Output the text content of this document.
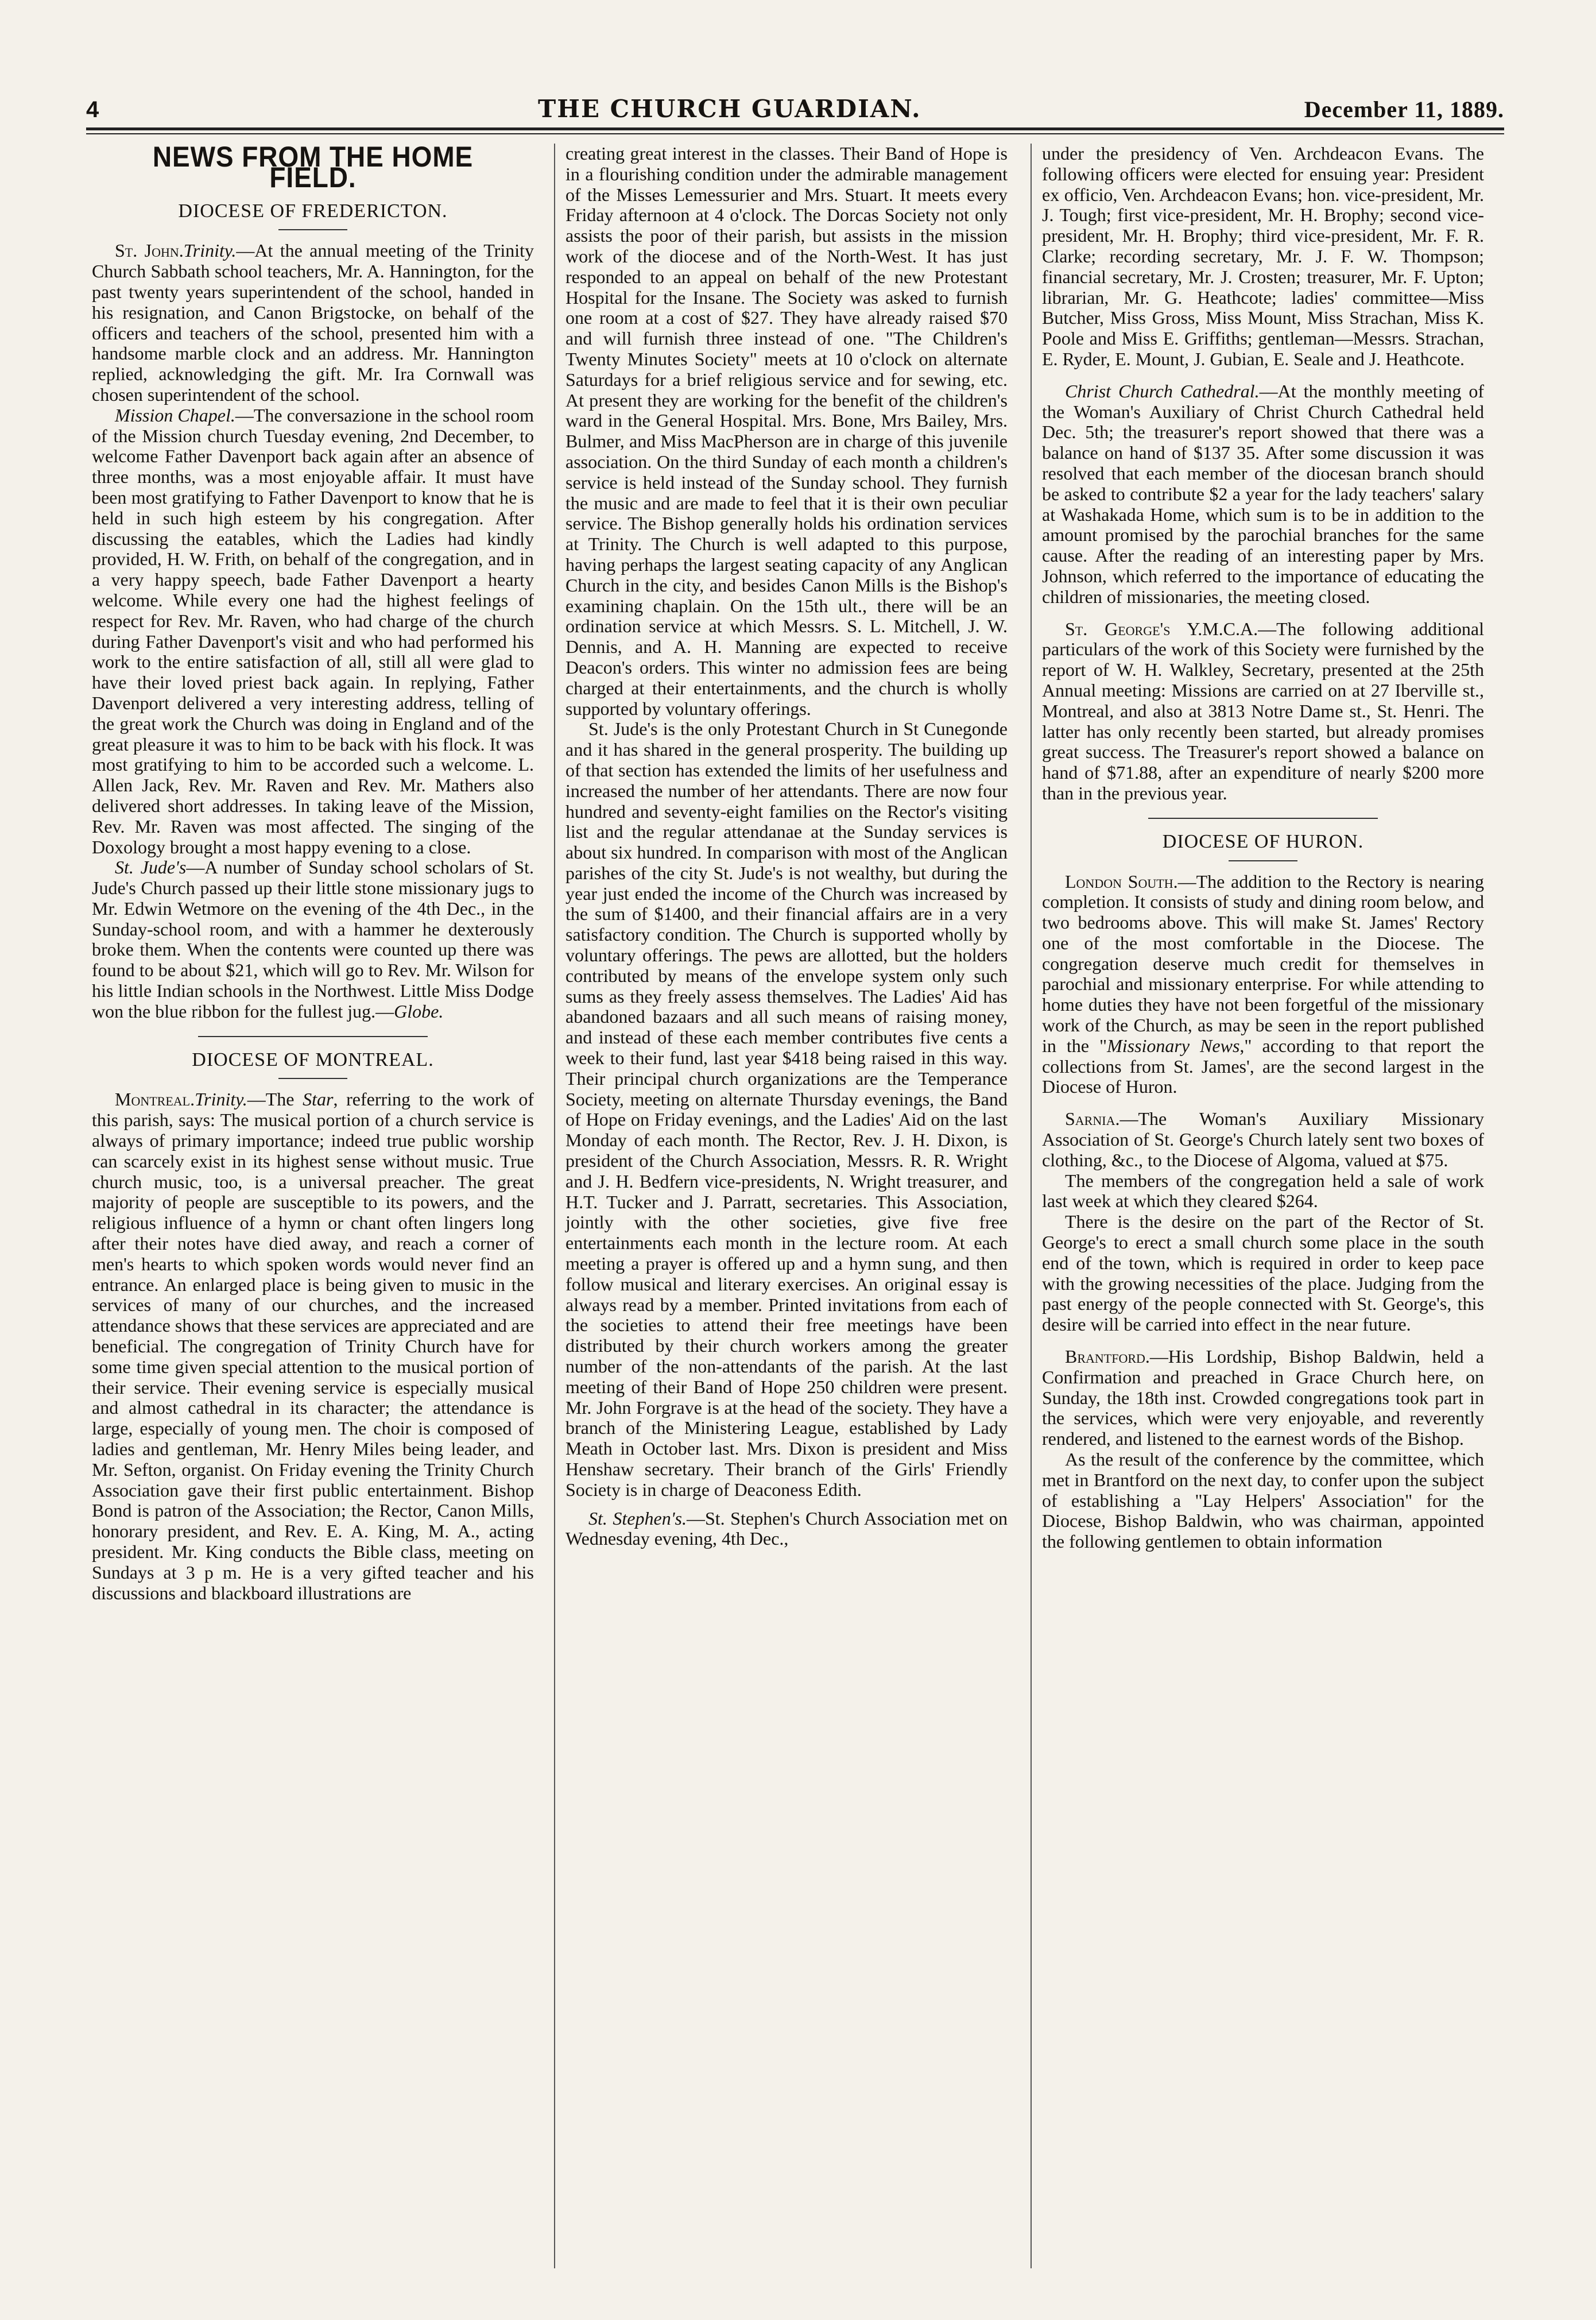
4	THE CHURCH GUARDIAN.	December 11, 1889.
NEWS FROM THE HOME FIELD.
DIOCESE OF FREDERICTON.

St. John.Trinity.—At the annual meeting of the Trinity Church Sabbath school teachers, Mr. A. Hannington, for the past twenty years superintendent of the school, handed in his resignation, and Canon Brigstocke, on behalf of the officers and teachers of the school, presented him with a handsome marble clock and an address. Mr. Hannington replied, acknowledging the gift. Mr. Ira Cornwall was chosen superintendent of the school.

Mission Chapel.—The conversazione in the school room of the Mission church Tuesday evening, 2nd December, to welcome Father Davenport back again after an absence of three months, was a most enjoyable affair. It must have been most gratifying to Father Davenport to know that he is held in such high esteem by his congregation. After discussing the eatables, which the Ladies had kindly provided, H. W. Frith, on behalf of the congregation, and in a very happy speech, bade Father Davenport a hearty welcome. While every one had the highest feelings of respect for Rev. Mr. Raven, who had charge of the church during Father Davenport's visit and who had performed his work to the entire satisfaction of all, still all were glad to have their loved priest back again. In replying, Father Davenport delivered a very interesting address, telling of the great work the Church was doing in England and of the great pleasure it was to him to be back with his flock. It was most gratifying to him to be accorded such a welcome. L. Allen Jack, Rev. Mr. Raven and Rev. Mr. Mathers also delivered short addresses. In taking leave of the Mission, Rev. Mr. Raven was most affected. The singing of the Doxology brought a most happy evening to a close.

St. Jude's—A number of Sunday school scholars of St. Jude's Church passed up their little stone missionary jugs to Mr. Edwin Wetmore on the evening of the 4th Dec., in the Sunday-school room, and with a hammer he dexterously broke them. When the contents were counted up there was found to be about $21, which will go to Rev. Mr. Wilson for his little Indian schools in the Northwest. Little Miss Dodge won the blue ribbon for the fullest jug.—Globe.

DIOCESE OF MONTREAL.

Montreal.Trinity.—The Star, referring to the work of this parish, says: The musical portion of a church service is always of primary importance; indeed true public worship can scarcely exist in its highest sense without music. True church music, too, is a universal preacher. The great majority of people are susceptible to its powers, and the religious influence of a hymn or chant often lingers long after their notes have died away, and reach a corner of men's hearts to which spoken words would never find an entrance. An enlarged place is being given to music in the services of many of our churches, and the increased attendance shows that these services are appreciated and are beneficial. The congregation of Trinity Church have for some time given special attention to the musical portion of their service. Their evening service is especially musical and almost cathedral in its character; the attendance is large, especially of young men. The choir is composed of ladies and gentleman, Mr. Henry Miles being leader, and Mr. Sefton, organist. On Friday evening the Trinity Church Association gave their first public entertainment. Bishop Bond is patron of the Association; the Rector, Canon Mills, honorary president, and Rev. E. A. King, M. A., acting president. Mr. King conducts the Bible class, meeting on Sundays at 3 p m. He is a very gifted teacher and his discussions and blackboard illustrations are

creating great interest in the classes. Their Band of Hope is in a flourishing condition under the admirable management of the Misses Lemessurier and Mrs. Stuart. It meets every Friday afternoon at 4 o'clock. The Dorcas Society not only assists the poor of their parish, but assists in the mission work of the diocese and of the North-West. It has just responded to an appeal on behalf of the new Protestant Hospital for the Insane. The Society was asked to furnish one room at a cost of $27. They have already raised $70 and will furnish three instead of one. "The Children's Twenty Minutes Society" meets at 10 o'clock on alternate Saturdays for a brief religious service and for sewing, etc. At present they are working for the benefit of the children's ward in the General Hospital. Mrs. Bone, Mrs Bailey, Mrs. Bulmer, and Miss MacPherson are in charge of this juvenile association. On the third Sunday of each month a children's service is held instead of the Sunday school. They furnish the music and are made to feel that it is their own peculiar service. The Bishop generally holds his ordination services at Trinity. The Church is well adapted to this purpose, having perhaps the largest seating capacity of any Anglican Church in the city, and besides Canon Mills is the Bishop's examining chaplain. On the 15th ult., there will be an ordination service at which Messrs. S. L. Mitchell, J. W. Dennis, and A. H. Manning are expected to receive Deacon's orders. This winter no admission fees are being charged at their entertainments, and the church is wholly supported by voluntary offerings.

St. Jude's is the only Protestant Church in St Cunegonde and it has shared in the general prosperity. The building up of that section has extended the limits of her usefulness and increased the number of her attendants. There are now four hundred and seventy-eight families on the Rector's visiting list and the regular attendanae at the Sunday services is about six hundred. In comparison with most of the Anglican parishes of the city St. Jude's is not wealthy, but during the year just ended the income of the Church was increased by the sum of $1400, and their financial affairs are in a very satisfactory condition. The Church is supported wholly by voluntary offerings. The pews are allotted, but the holders contributed by means of the envelope system only such sums as they freely assess themselves. The Ladies' Aid has abandoned bazaars and all such means of raising money, and instead of these each member contributes five cents a week to their fund, last year $418 being raised in this way. Their principal church organizations are the Temperance Society, meeting on alternate Thursday evenings, the Band of Hope on Friday evenings, and the Ladies' Aid on the last Monday of each month. The Rector, Rev. J. H. Dixon, is president of the Church Association, Messrs. R. R. Wright and J. H. Bedfern vice-presidents, N. Wright treasurer, and H.T. Tucker and J. Parratt, secretaries. This Association, jointly with the other societies, give five free entertainments each month in the lecture room. At each meeting a prayer is offered up and a hymn sung, and then follow musical and literary exercises. An original essay is always read by a member. Printed invitations from each of the societies to attend their free meetings have been distributed by their church workers among the greater number of the non-attendants of the parish. At the last meeting of their Band of Hope 250 children were present. Mr. John Forgrave is at the head of the society. They have a branch of the Ministering League, established by Lady Meath in October last. Mrs. Dixon is president and Miss Henshaw secretary. Their branch of the Girls' Friendly Society is in charge of Deaconess Edith.

St. Stephen's.—St. Stephen's Church Association met on Wednesday evening, 4th Dec.,

under the presidency of Ven. Archdeacon Evans. The following officers were elected for ensuing year: President ex officio, Ven. Archdeacon Evans; hon. vice-president, Mr. J. Tough; first vice-president, Mr. H. Brophy; second vice-president, Mr. H. Brophy; third vice-president, Mr. F. R. Clarke; recording secretary, Mr. J. F. W. Thompson; financial secretary, Mr. J. Crosten; treasurer, Mr. F. Upton; librarian, Mr. G. Heathcote; ladies' committee—Miss Butcher, Miss Gross, Miss Mount, Miss Strachan, Miss K. Poole and Miss E. Griffiths; gentleman—Messrs. Strachan, E. Ryder, E. Mount, J. Gubian, E. Seale and J. Heathcote.

Christ Church Cathedral.—At the monthly meeting of the Woman's Auxiliary of Christ Church Cathedral held Dec. 5th; the treasurer's report showed that there was a balance on hand of $137 35. After some discussion it was resolved that each member of the diocesan branch should be asked to contribute $2 a year for the lady teachers' salary at Washakada Home, which sum is to be in addition to the amount promised by the parochial branches for the same cause. After the reading of an interesting paper by Mrs. Johnson, which referred to the importance of educating the children of missionaries, the meeting closed.

St. George's Y.M.C.A.—The following additional particulars of the work of this Society were furnished by the report of W. H. Walkley, Secretary, presented at the 25th Annual meeting: Missions are carried on at 27 Iberville st., Montreal, and also at 3813 Notre Dame st., St. Henri. The latter has only recently been started, but already promises great success. The Treasurer's report showed a balance on hand of $71.88, after an expenditure of nearly $200 more than in the previous year.

DIOCESE OF HURON.

London South.—The addition to the Rectory is nearing completion. It consists of study and dining room below, and two bedrooms above. This will make St. James' Rectory one of the most comfortable in the Diocese. The congregation deserve much credit for themselves in parochial and missionary enterprise. For while attending to home duties they have not been forgetful of the missionary work of the Church, as may be seen in the report published in the "Missionary News," according to that report the collections from St. James', are the second largest in the Diocese of Huron.

Sarnia.—The Woman's Auxiliary Missionary Association of St. George's Church lately sent two boxes of clothing, &c., to the Diocese of Algoma, valued at $75.

The members of the congregation held a sale of work last week at which they cleared $264.

There is the desire on the part of the Rector of St. George's to erect a small church some place in the south end of the town, which is required in order to keep pace with the growing necessities of the place. Judging from the past energy of the people connected with St. George's, this desire will be carried into effect in the near future.

Brantford.—His Lordship, Bishop Baldwin, held a Confirmation and preached in Grace Church here, on Sunday, the 18th inst. Crowded congregations took part in the services, which were very enjoyable, and reverently rendered, and listened to the earnest words of the Bishop.

As the result of the conference by the committee, which met in Brantford on the next day, to confer upon the subject of establishing a "Lay Helpers' Association" for the Diocese, Bishop Baldwin, who was chairman, appointed the following gentlemen to obtain information
